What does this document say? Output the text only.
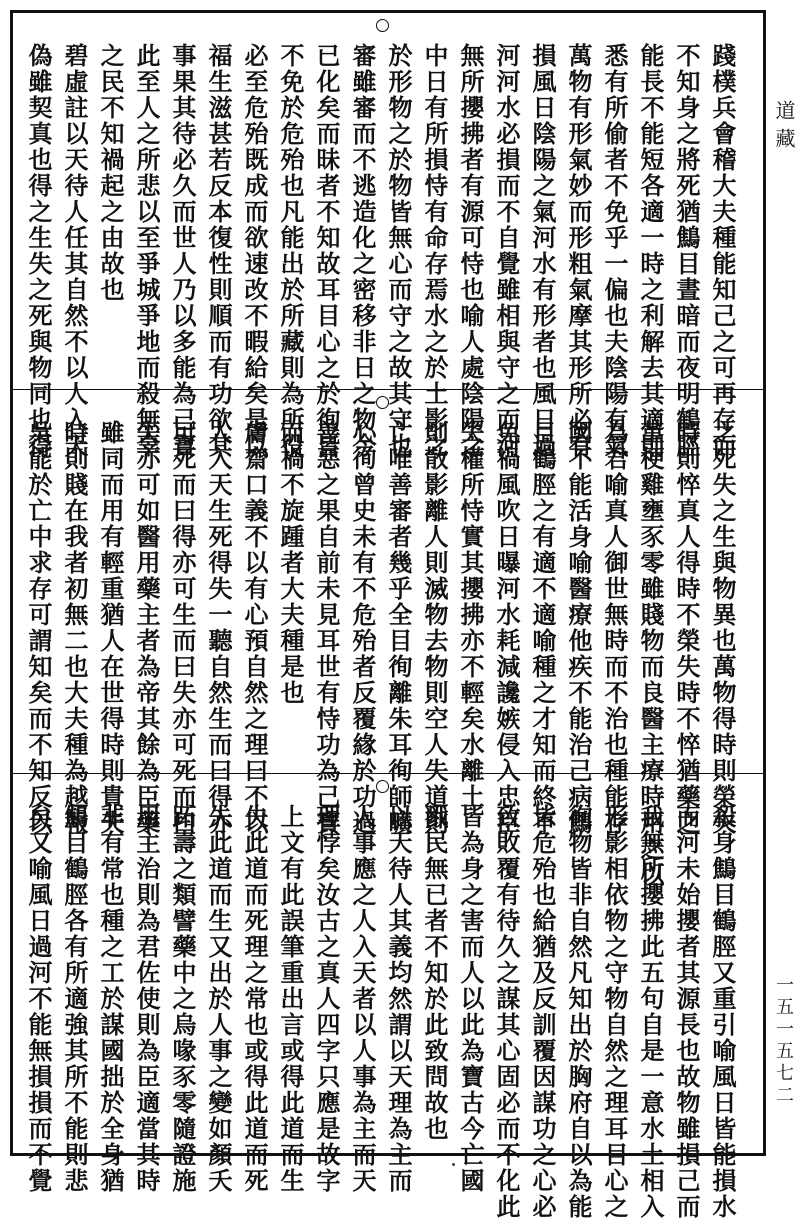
踐樸兵會稽大夫種能知己之可再存而
不知身之將死猶鷦目晝暗而夜明鶴脛
能長不能短各適一時之利解去其適則
悉有所偷者不免乎一偏也夫陰陽有氣
萬物有形氣妙而形粗氣摩其形所必有
損風日陰陽之氣河水有形者也風日過
河河水必損而不自覺雖相與守之而河
無所攖拂者有源可恃也喻人處陰陽之
中日有所損恃有命存焉水之於土影之
於形物之於物皆無心而守之故其守也
審雖審而不逃造化之密移非日之物今
已化矣而昧者不知故耳目心之於徇皆
不免於危殆也凡能出於所藏則為所役
必至危殆既成而欲速改不暇給矣是以
福生滋甚若反本復性則順而有功欲其
事果其待必久而世人乃以多能為己寶
此至人之所悲以至爭城爭地而殺無辜
之民不知禍起之由故也
碧虛註以天待人任其自然不以人入天
偽雖契真也得之生失之死與物同也得
之死失之生與物異也萬物得時則榮失
時則悴真人得時不榮失時不悴猶藥之
堇梗雞壅豕零雖賤物而良醫主療時用之以
為君喻真人御世無時而不治也種能存
國不能活身喻醫療他疾不能治己病鷦
目鶴脛之有適不適喻種之才知而終不
免禍風吹日曝河水耗減讒嫉侵入忠臣
失權所恃實其攖拂亦不輕矣水離土
則散影離人則滅物去物則空人失道則
亡唯善審者幾乎全目徇離朱耳徇師曠
心徇曾史未有不危殆者反覆緣於功過
善惡之果自前未見耳世有恃功為己寶
而禍不旋踵者大夫種是也
膚齋口義不以有心預自然之理曰不以
人入天生死得失一聽自然生而曰得亦
可死而曰得亦可生而曰失亦可死而曰
失亦可如醫用藥主者為帝其餘為臣藥
雖同而用有輕重猶人在世得時則貴失
時則賤在我者初無二也大夫種為越報
吳能於亡中求存可謂知矣而不知反以
殺身鷦目鶴脛又重引喻風日皆能損水
而河未始攖者其源長也故物雖損己而
我無所攖拂此五句自是一意水土相入
形影相依物之守物自然之理耳目心之
徇物皆非自然凡知出於胸府自以為能
皆危殆也給猶及反訓覆因謀功之心必
致敗覆有待久之謀其心固必而不化此
皆為身之害而人以此為寶古今亡國
戮民無已者不知於此致問故也
以天待人其義均然謂以天理為主而
人事應之人入天者以人事為主而天
理悖矣汝古之真人四字只應是故字
上文有此誤筆重出言或得此道而生
失此道而死理之常也或得此道而死
失此道而生又出於人事之變如顏夭
跖壽之類譬藥中之烏喙豕零隨證施
用主治則為君佐使則為臣適當其時
非有常也種之工於謀國拙於全身猶
鷦目鶴脛各有所適強其所不能則悲
矣又喻風日過河不能無損損而不覺
道藏
一五一五七二
